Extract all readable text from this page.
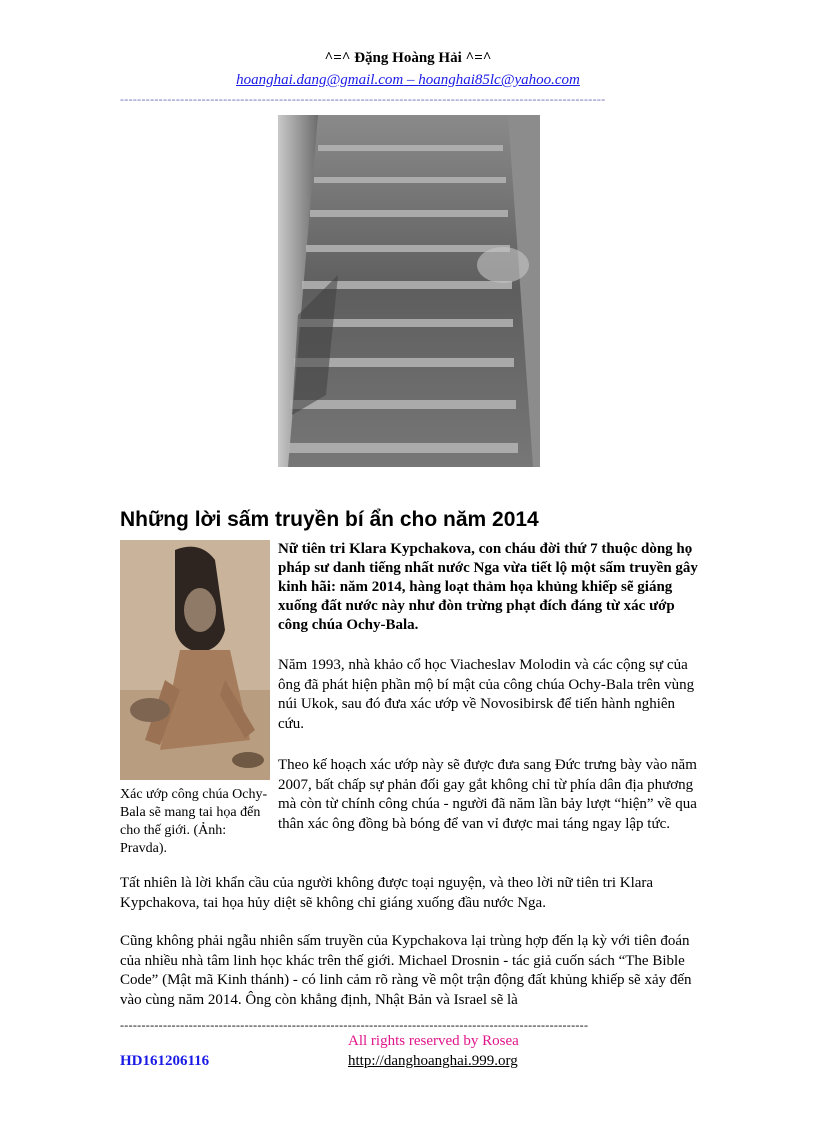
^=^ Đặng Hoàng Hải ^=^
hoanghai.dang@gmail.com – hoanghai85lc@yahoo.com
-----------------------------------------------------------------------------------------------------------------
Những lời sấm truyền bí ẩn cho năm 2014
Xác ướp công chúa Ochy-Bala sẽ mang tai họa đến cho thế giới. (Ảnh: Pravda).
Nữ tiên tri Klara Kypchakova, con cháu đời thứ 7 thuộc dòng họ pháp sư danh tiếng nhất nước Nga vừa tiết lộ một sấm truyền gây kinh hãi: năm 2014, hàng loạt thảm họa khủng khiếp sẽ giáng xuống đất nước này như đòn trừng phạt đích đáng từ xác ướp công chúa Ochy-Bala.
Năm 1993, nhà khảo cổ học Viacheslav Molodin và các cộng sự của ông đã phát hiện phần mộ bí mật của công chúa Ochy-Bala trên vùng núi Ukok, sau đó đưa xác ướp về Novosibirsk để tiến hành nghiên cứu.
Theo kế hoạch xác ướp này sẽ được đưa sang Đức trưng bày vào năm 2007, bất chấp sự phản đối gay gắt không chỉ từ phía dân địa phương mà còn từ chính công chúa - người đã năm lần bảy lượt “hiện” về qua thân xác ông đồng bà bóng để van vỉ được mai táng ngay lập tức.
Tất nhiên là lời khẩn cầu của người không được toại nguyện, và theo lời nữ tiên tri Klara Kypchakova, tai họa hủy diệt sẽ không chỉ giáng xuống đầu nước Nga.
Cũng không phải ngẫu nhiên sấm truyền của Kypchakova lại trùng hợp đến lạ kỳ với tiên đoán của nhiều nhà tâm linh học khác trên thế giới. Michael Drosnin - tác giả cuốn sách “The Bible Code” (Mật mã Kinh thánh) - có linh cảm rõ ràng về một trận động đất khủng khiếp sẽ xảy đến vào cùng năm 2014. Ông còn khẳng định, Nhật Bản và Israel sẽ là
-------------------------------------------------------------------------------------------------------------
All rights reserved by Rosea
HD161206116	http://danghoanghai.999.org
